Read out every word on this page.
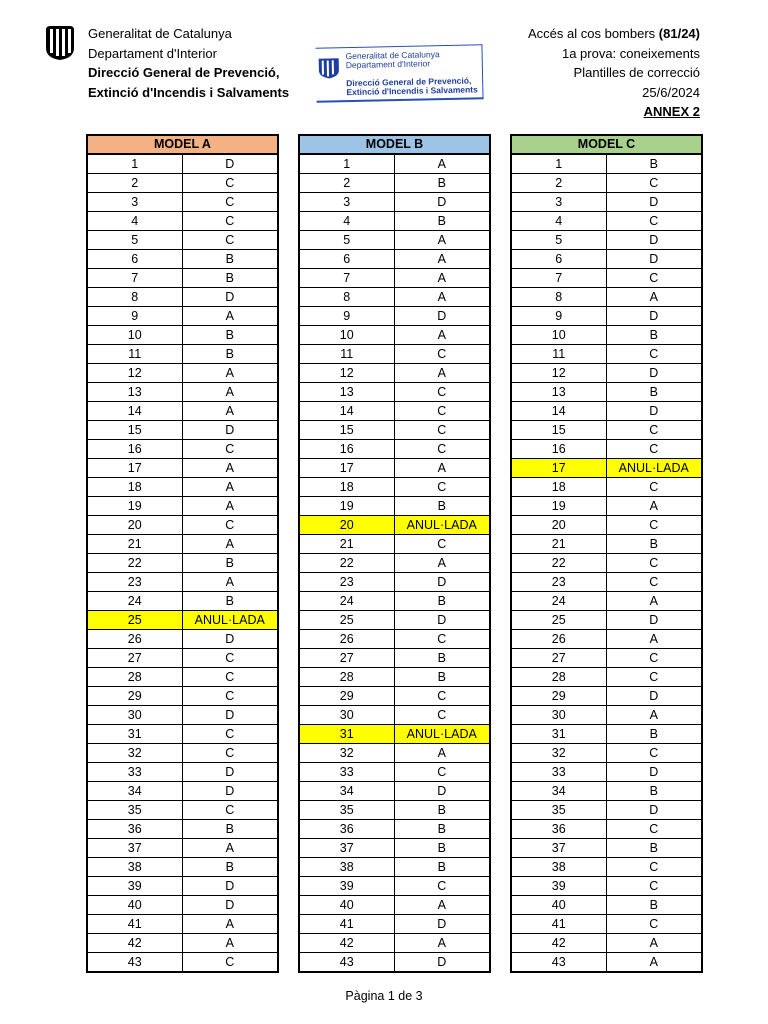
Generalitat de Catalunya
Departament d'Interior
Direcció General de Prevenció,
Extinció d'Incendis i Salvaments
Generalitat de Catalunya
Departament d'Interior
Direcció General de Prevenció,
Extinció d'Incendis i Salvaments
Accés al cos bombers (81/24)
1a prova: coneixements
Plantilles de correcció
25/6/2024
ANNEX 2
MODEL A	
1	D
2	C
3	C
4	C
5	C
6	B
7	B
8	D
9	A
10	B
11	B
12	A
13	A
14	A
15	D
16	C
17	A
18	A
19	A
20	C
21	A
22	B
23	A
24	B
25	ANUL·LADA
26	D
27	C
28	C
29	C
30	D
31	C
32	C
33	D
34	D
35	C
36	B
37	A
38	B
39	D
40	D
41	A
42	A
43	C
MODEL B	
1	A
2	B
3	D
4	B
5	A
6	A
7	A
8	A
9	D
10	A
11	C
12	A
13	C
14	C
15	C
16	C
17	A
18	C
19	B
20	ANUL·LADA
21	C
22	A
23	D
24	B
25	D
26	C
27	B
28	B
29	C
30	C
31	ANUL·LADA
32	A
33	C
34	D
35	B
36	B
37	B
38	B
39	C
40	A
41	D
42	A
43	D
MODEL C	
1	B
2	C
3	D
4	C
5	D
6	D
7	C
8	A
9	D
10	B
11	C
12	D
13	B
14	D
15	C
16	C
17	ANUL·LADA
18	C
19	A
20	C
21	B
22	C
23	C
24	A
25	D
26	A
27	C
28	C
29	D
30	A
31	B
32	C
33	D
34	B
35	D
36	C
37	B
38	C
39	C
40	B
41	C
42	A
43	A
Pàgina 1 de 3
